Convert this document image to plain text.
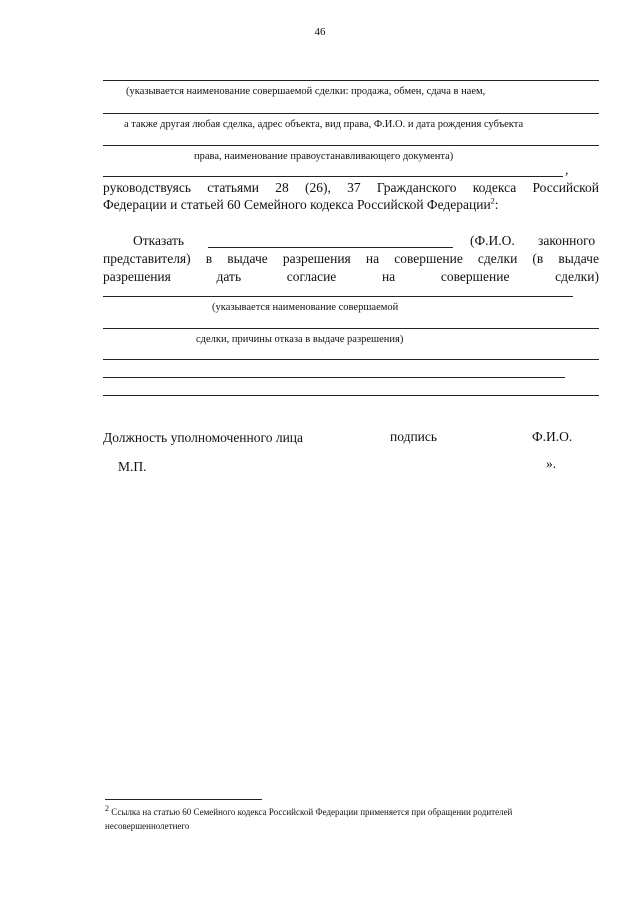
46
(указывается наименование совершаемой сделки: продажа, обмен, сдача в наем,
а также другая любая сделка, адрес объекта, вид права, Ф.И.О. и дата рождения субъекта
права, наименование правоустанавливающего документа)
,
руководствуясь статьями 28 (26), 37 Гражданского кодекса Российской
Федерации и статьей 60 Семейного кодекса Российской Федерации$^2$:
Отказать	(Ф.И.О. законного
представителя) в выдаче разрешения на совершение сделки (в выдаче
разрешения	дать	согласие	на	совершение	сделки)
(указывается наименование совершаемой
сделки, причины отказа в выдаче разрешения)
Должность уполномоченного лица	подпись	Ф.И.О.
М.П.	».
$^2$ Ссылка на статью 60 Семейного кодекса Российской Федерации применяется при обращении родителей
несовершеннолетнего
